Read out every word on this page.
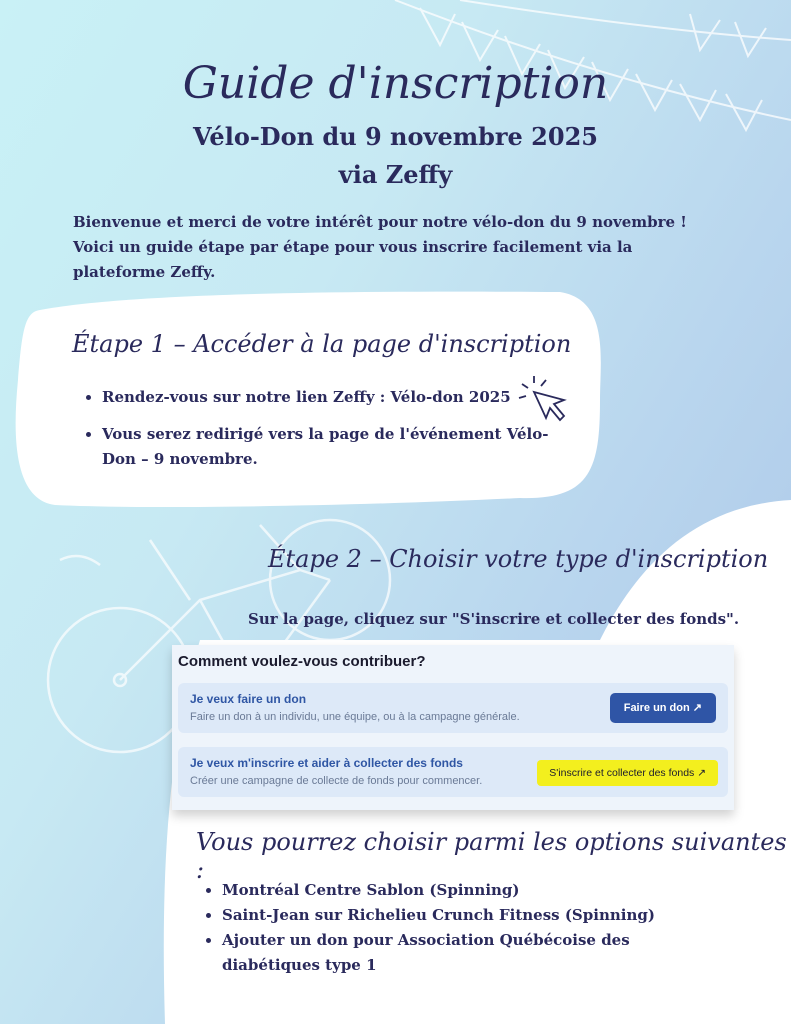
Guide d'inscription
Vélo-Don du 9 novembre 2025
via Zeffy
Bienvenue et merci de votre intérêt pour notre vélo-don du 9 novembre !
Voici un guide étape par étape pour vous inscrire facilement via la
plateforme Zeffy.
Étape 1 – Accéder à la page d'inscription
• Rendez-vous sur notre lien Zeffy : Vélo-don 2025
• Vous serez redirigé vers la page de l'événement Vélo-Don – 9 novembre.
Étape 2 – Choisir votre type d'inscription
Sur la page, cliquez sur "S'inscrire et collecter des fonds".
Comment voulez-vous contribuer?
Je veux faire un don
Faire un don à un individu, une équipe, ou à la campagne générale.
Faire un don ↗
Je veux m'inscrire et aider à collecter des fonds
Créer une campagne de collecte de fonds pour commencer.
S'inscrire et collecter des fonds ↗
Vous pourrez choisir parmi les options suivantes :
• Montréal Centre Sablon (Spinning)
• Saint-Jean sur Richelieu Crunch Fitness (Spinning)
• Ajouter un don pour Association Québécoise des diabétiques type 1
